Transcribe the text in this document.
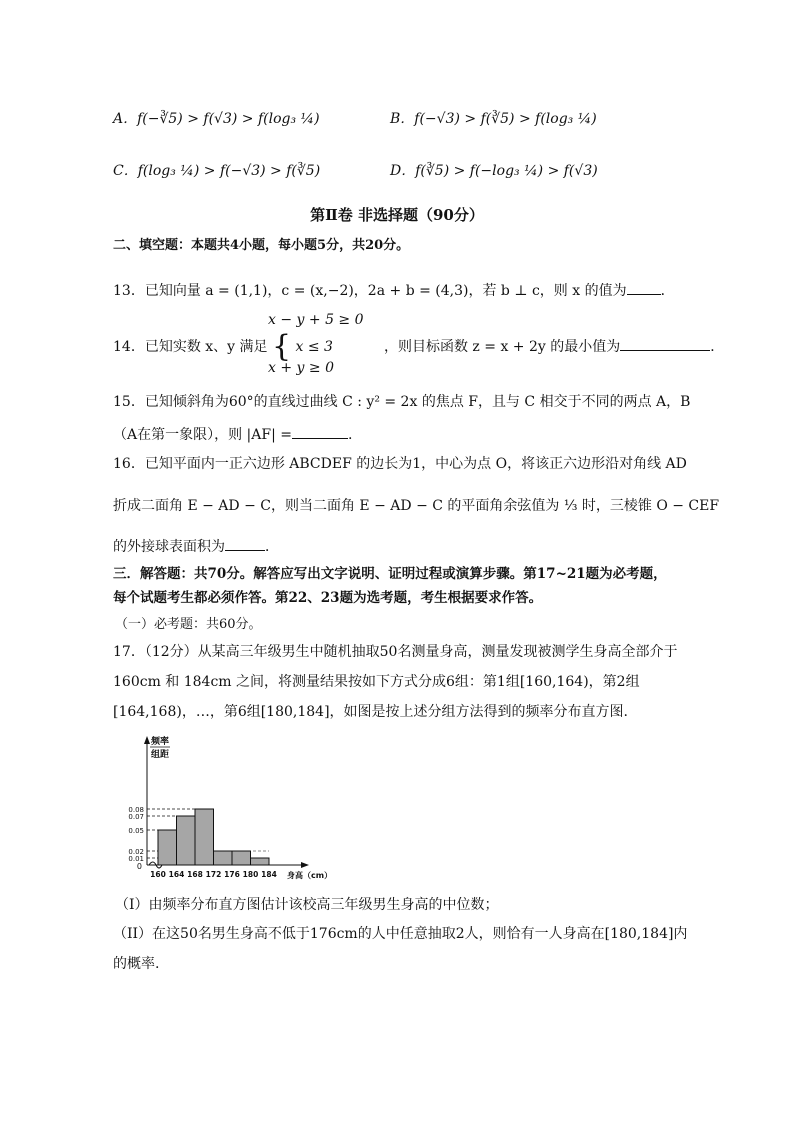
A．f(−∛5) > f(√3) > f(log₃ ¼)	B．f(−√3) > f(∛5) > f(log₃ ¼)
C．f(log₃ ¼) > f(−√3) > f(∛5)	D．f(∛5) > f(−log₃ ¼) > f(√3)
第Ⅱ卷 非选择题（90分）
二、填空题：本题共4小题，每小题5分，共20分。
13．已知向量 a = (1,1)，c = (x,−2)，2a + b = (4,3)，若 b ⊥ c，则 x 的值为 ．
x − y + 5 ≥ 0
14．已知实数 x、y 满足 { x ≤ 3	，则目标函数 z = x + 2y 的最小值为	．
x + y ≥ 0
15．已知倾斜角为60°的直线过曲线 C : y² = 2x 的焦点 F，且与 C 相交于不同的两点 A，B
（A在第一象限），则 |AF| =	.
16．已知平面内一正六边形 ABCDEF 的边长为1，中心为点 O，将该正六边形沿对角线 AD
折成二面角 E − AD − C，则当二面角 E − AD − C 的平面角余弦值为 ⅓ 时，三棱锥 O − CEF
的外接球表面积为	．
三．解答题：共70分。解答应写出文字说明、证明过程或演算步骤。第17~21题为必考题，
每个试题考生都必须作答。第22、23题为选考题，考生根据要求作答。
（一）必考题：共60分。
17．（12分）从某高三年级男生中随机抽取50名测量身高，测量发现被测学生身高全部介于
160cm 和 184cm 之间，将测量结果按如下方式分成6组：第1组[160,164)，第2组
[164,168)，…，第6组[180,184]，如图是按上述分组方法得到的频率分布直方图.
0.08
0.07
0.05
0.02
0.01
0
160 164 168 172 176 180 184 身高（cm）
频率
组距
（I）由频率分布直方图估计该校高三年级男生身高的中位数；
（II）在这50名男生身高不低于176cm的人中任意抽取2人，则恰有一人身高在[180,184]内
的概率.
